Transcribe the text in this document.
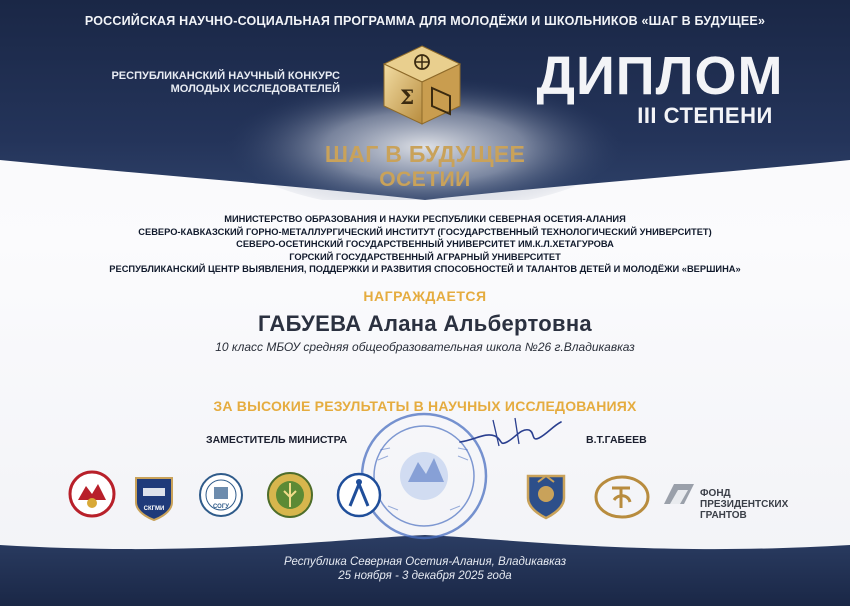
РОССИЙСКАЯ НАУЧНО-СОЦИАЛЬНАЯ ПРОГРАММА ДЛЯ МОЛОДЁЖИ И ШКОЛЬНИКОВ «ШАГ В БУДУЩЕЕ»
РЕСПУБЛИКАНСКИЙ НАУЧНЫЙ КОНКУРС
МОЛОДЫХ ИССЛЕДОВАТЕЛЕЙ	ДИПЛОМ
III СТЕПЕНИ
Σ
ШАГ В БУДУЩЕЕ
ОСЕТИИ
МИНИСТЕРСТВО ОБРАЗОВАНИЯ И НАУКИ РЕСПУБЛИКИ СЕВЕРНАЯ ОСЕТИЯ-АЛАНИЯ
СЕВЕРО-КАВКАЗСКИЙ ГОРНО-МЕТАЛЛУРГИЧЕСКИЙ ИНСТИТУТ (ГОСУДАРСТВЕННЫЙ ТЕХНОЛОГИЧЕСКИЙ УНИВЕРСИТЕТ)
СЕВЕРО-ОСЕТИНСКИЙ ГОСУДАРСТВЕННЫЙ УНИВЕРСИТЕТ ИМ.К.Л.ХЕТАГУРОВА
ГОРСКИЙ ГОСУДАРСТВЕННЫЙ АГРАРНЫЙ УНИВЕРСИТЕТ
РЕСПУБЛИКАНСКИЙ ЦЕНТР ВЫЯВЛЕНИЯ, ПОДДЕРЖКИ И РАЗВИТИЯ СПОСОБНОСТЕЙ И ТАЛАНТОВ ДЕТЕЙ И МОЛОДЁЖИ «ВЕРШИНА»
НАГРАЖДАЕТСЯ
ГАБУЕВА Алана Альбертовна
10 класс МБОУ средняя общеобразовательная школа №26 г.Владикавказ
ЗА ВЫСОКИЕ РЕЗУЛЬТАТЫ В НАУЧНЫХ ИССЛЕДОВАНИЯХ
ЗАМЕСТИТЕЛЬ МИНИСТРА	В.Т.ГАБЕЕВ
СКГМИ	СОГУ
ФОНД
ПРЕЗИДЕНТСКИХ
ГРАНТОВ
Республика Северная Осетия-Алания, Владикавказ
25 ноября - 3 декабря 2025 года
